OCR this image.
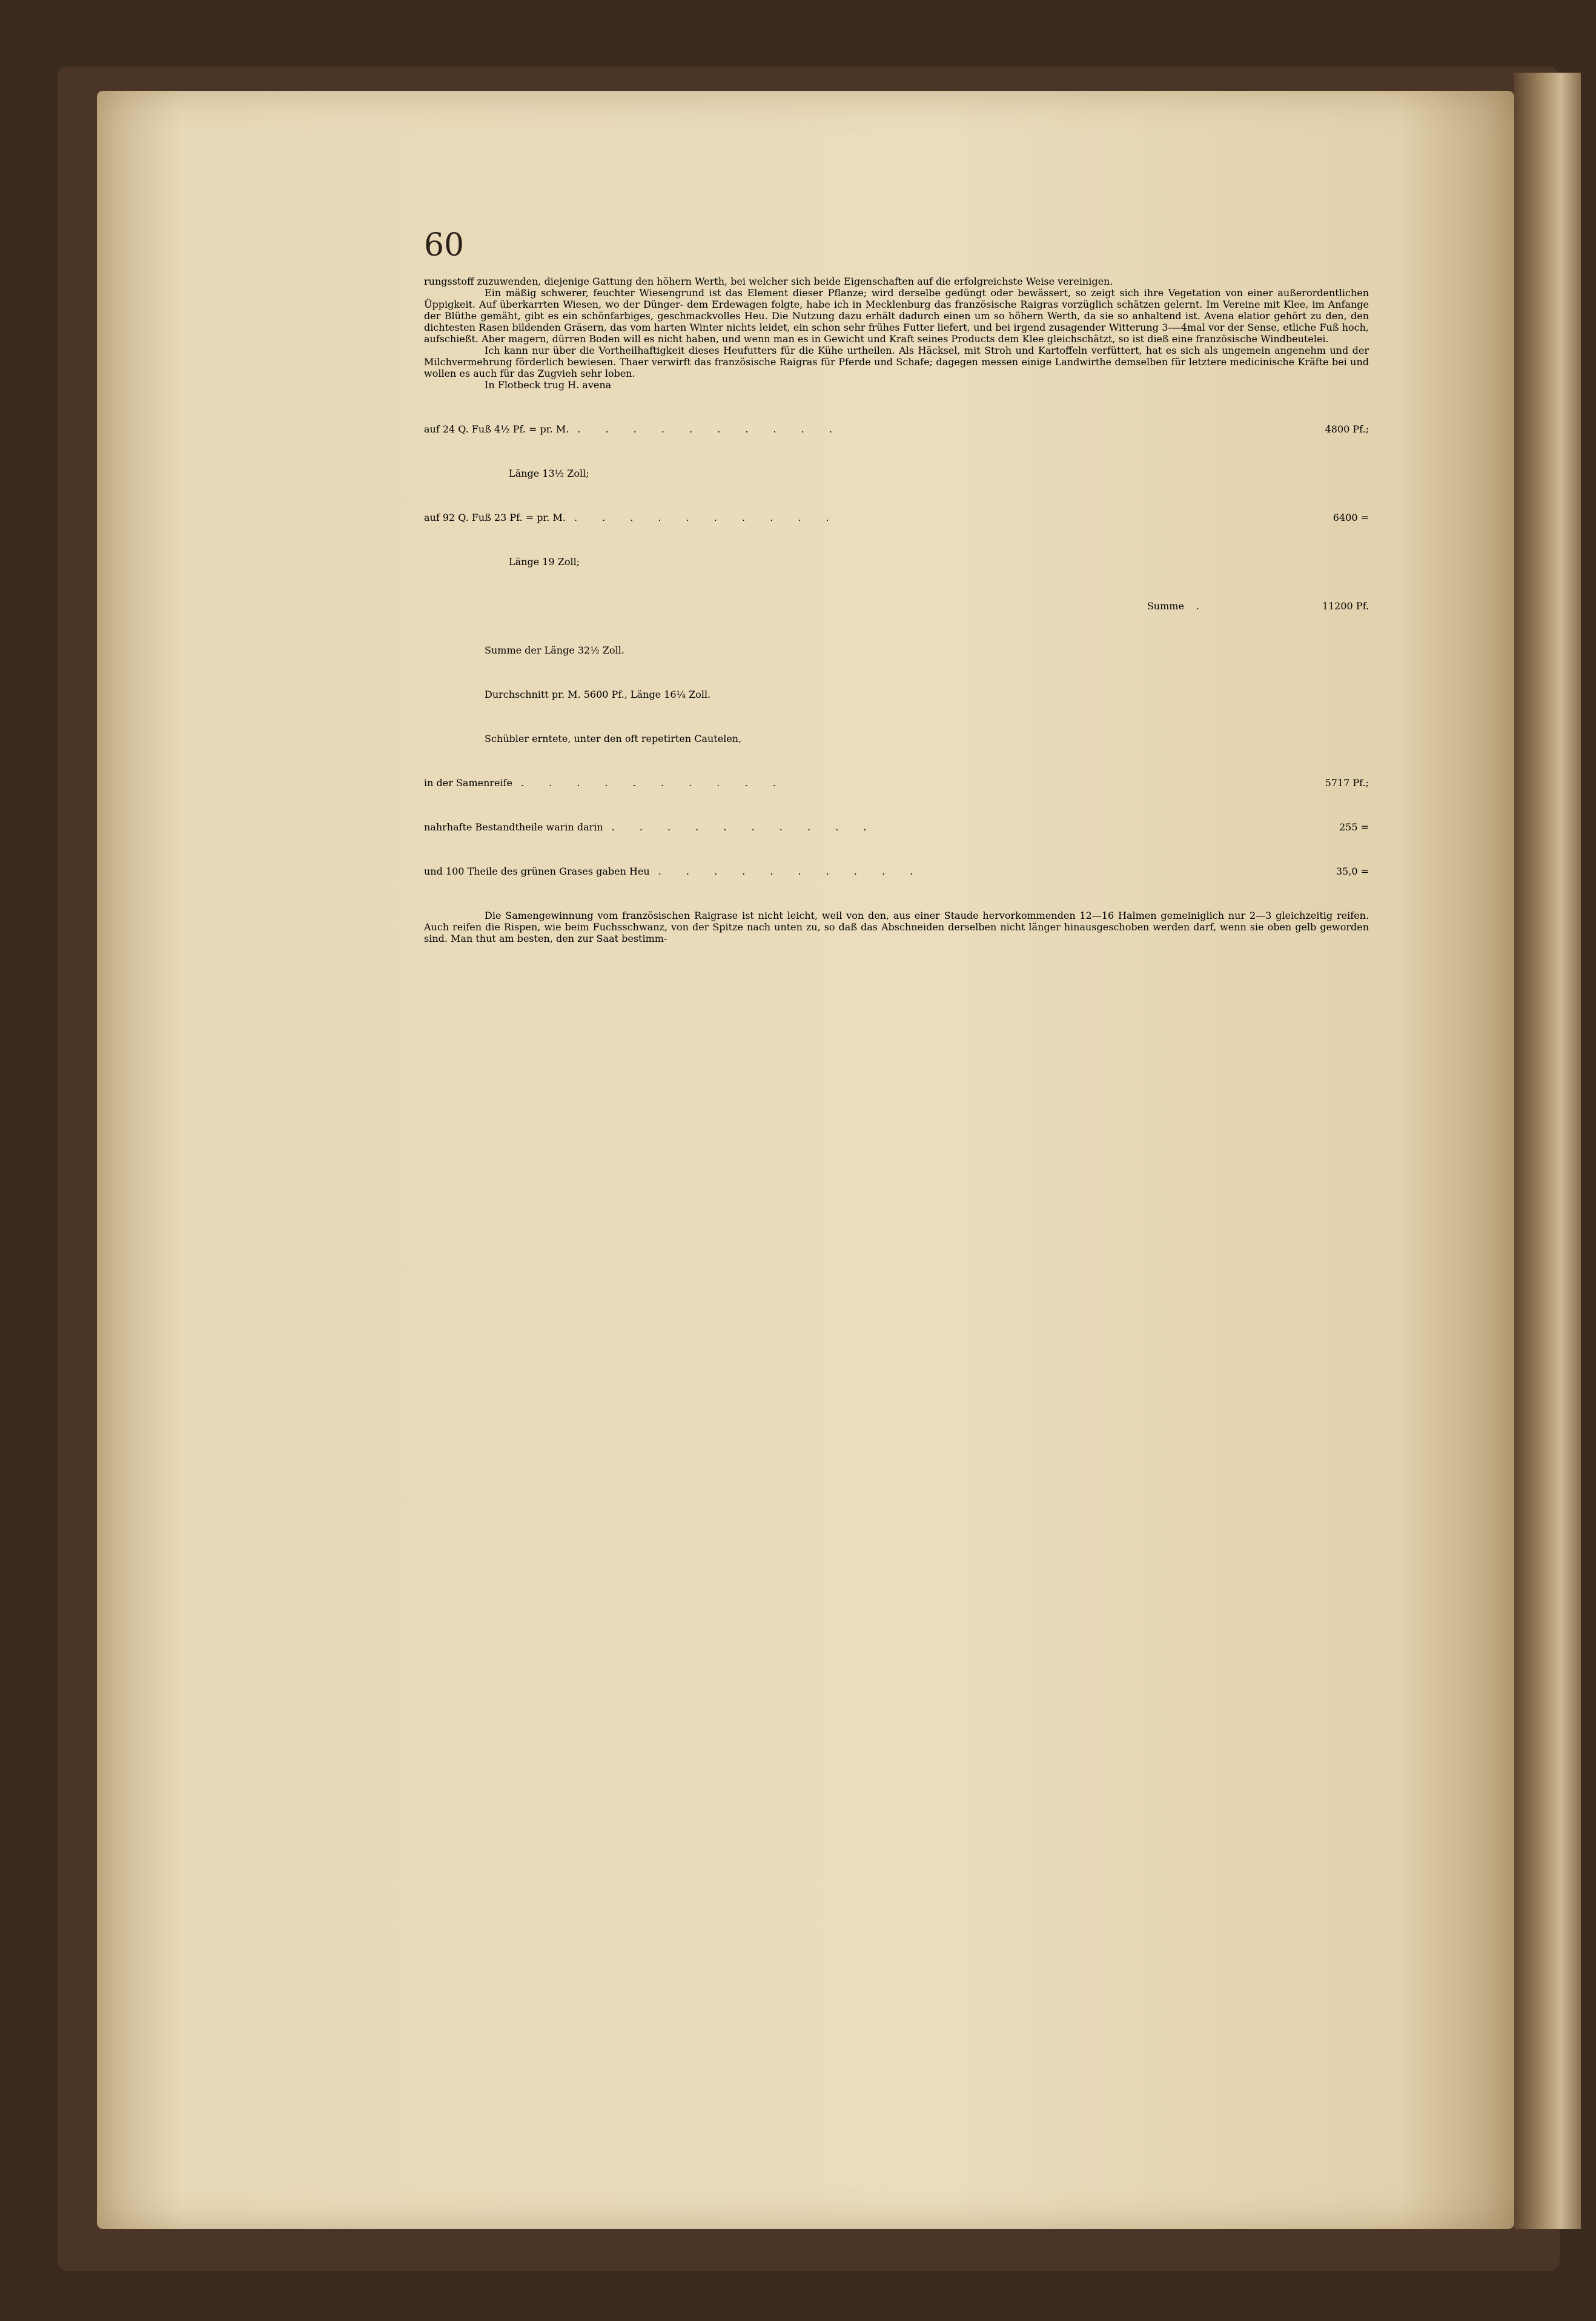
60

rungsstoff zuzuwenden, diejenige Gattung den höhern Werth, bei welcher sich beide Eigenschaften auf die erfolgreichste Weise vereinigen.

Ein mäßig schwerer, feuchter Wiesengrund ist das Element dieser Pflanze; wird derselbe gedüngt oder bewässert, so zeigt sich ihre Vegetation von einer außerordentlichen Üppigkeit. Auf überkarrten Wiesen, wo der Dünger- dem Erdewagen folgte, habe ich in Mecklenburg das französische Raigras vorzüglich schätzen gelernt. Im Vereine mit Klee, im Anfange der Blüthe gemäht, gibt es ein schönfarbiges, geschmackvolles Heu. Die Nutzung dazu erhält dadurch einen um so höhern Werth, da sie so anhaltend ist. Avena elatior gehört zu den, den dichtesten Rasen bildenden Gräsern, das vom harten Winter nichts leidet, ein schon sehr frühes Futter liefert, und bei irgend zusagender Witterung 3-—4mal vor der Sense, etliche Fuß hoch, aufschießt. Aber magern, dürren Boden will es nicht haben, und wenn man es in Gewicht und Kraft seines Products dem Klee gleichschätzt, so ist dieß eine französische Windbeutelei.

Ich kann nur über die Vortheilhaftigkeit dieses Heufutters für die Kühe urtheilen. Als Häcksel, mit Stroh und Kartoffeln verfüttert, hat es sich als ungemein angenehm und der Milchvermehrung förderlich bewiesen. Thaer verwirft das französische Raigras für Pferde und Schafe; dagegen messen einige Landwirthe demselben für letztere medicinische Kräfte bei und wollen es auch für das Zugvieh sehr loben.

In Flotbeck trug H. avena
auf 24 Q. Fuß 4½ Pf. = pr. M. . . . . . . . . . .	4800 Pf.;
Länge 13½ Zoll;
auf 92 Q. Fuß 23 Pf. = pr. M. . . . . . . . . . .	6400 =
Länge 19 Zoll;
Summe	.	11200 Pf.
Summe der Länge 32½ Zoll.
Durchschnitt pr. M. 5600 Pf., Länge 16¼ Zoll.
Schübler erntete, unter den oft repetirten Cautelen,
in der Samenreife . . . . . . . . . .	5717 Pf.;
nahrhafte Bestandtheile warin darin . . . . . . . . . .	255 =
und 100 Theile des grünen Grases gaben Heu . . . . . . . . . .	35,0 =

Die Samengewinnung vom französischen Raigrase ist nicht leicht, weil von den, aus einer Staude hervorkommenden 12—16 Halmen gemeiniglich nur 2—3 gleichzeitig reifen. Auch reifen die Rispen, wie beim Fuchsschwanz, von der Spitze nach unten zu, so daß das Abschneiden derselben nicht länger hinausgeschoben werden darf, wenn sie oben gelb geworden sind. Man thut am besten, den zur Saat bestimm-
